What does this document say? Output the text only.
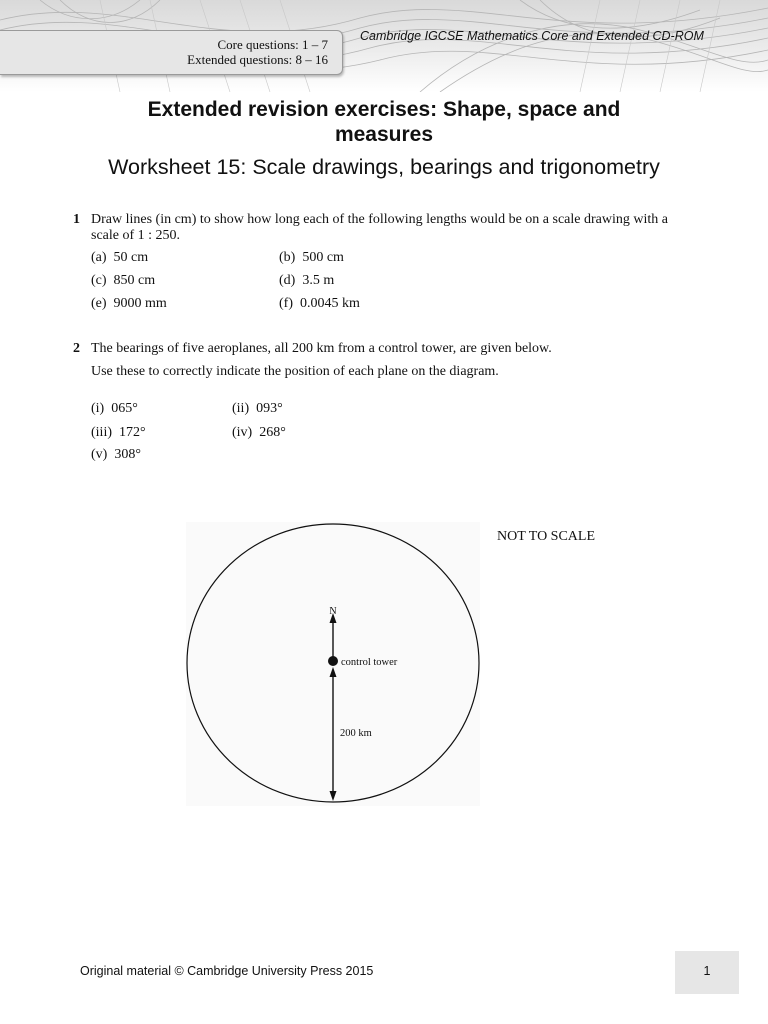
Core questions: 1 – 7
Extended questions: 8 – 16
Cambridge IGCSE Mathematics Core and Extended CD-ROM
Extended revision exercises: Shape, space and
measures
Worksheet 15: Scale drawings, bearings and trigonometry
1 Draw lines (in cm) to show how long each of the following lengths would be on a scale drawing with a
scale of 1 : 250.
(a) 50 cm	(b) 500 cm
(c) 850 cm	(d) 3.5 m
(e) 9000 mm	(f) 0.0045 km
2 The bearings of five aeroplanes, all 200 km from a control tower, are given below.
Use these to correctly indicate the position of each plane on the diagram.
(i) 065°	(ii) 093°
(iii) 172°	(iv) 268°
(v) 308°
N
control tower
200 km
NOT TO SCALE
Original material © Cambridge University Press 2015	1
